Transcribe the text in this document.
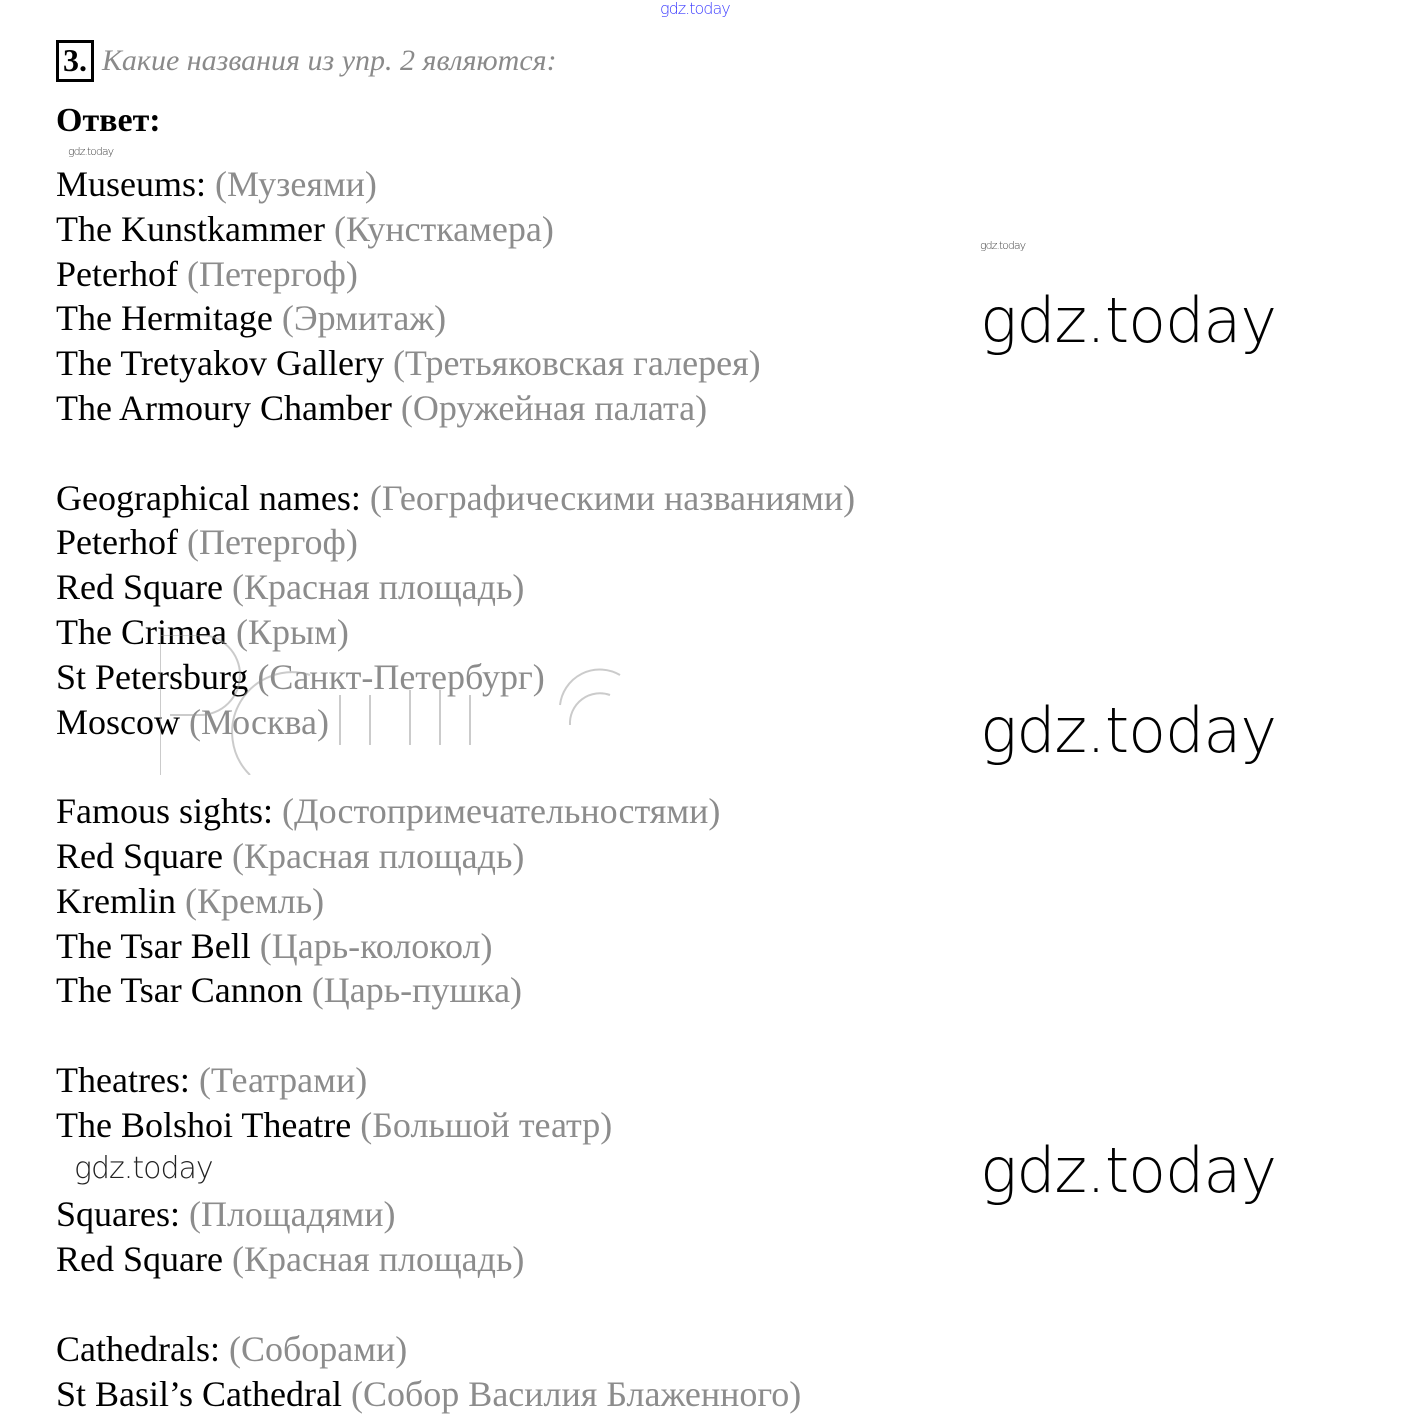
gdz.today
3. Какие названия из упр. 2 являются:
Ответ:
Museums: (Музеями)
The Kunstkammer (Кунсткамера)
Peterhof (Петергоф)
The Hermitage (Эрмитаж)
The Tretyakov Gallery (Третьяковская галерея)
The Armoury Chamber (Оружейная палата)
Geographical names: (Географическими названиями)
Peterhof (Петергоф)
Red Square (Красная площадь)
The Crimea (Крым)
St Petersburg (Санкт-Петербург)
Moscow (Москва)
Famous sights: (Достопримечательностями)
Red Square (Красная площадь)
Kremlin (Кремль)
The Tsar Bell (Царь-колокол)
The Tsar Cannon (Царь-пушка)
Theatres: (Театрами)
The Bolshoi Theatre (Большой театр)
Squares: (Площадями)
Red Square (Красная площадь)
Cathedrals: (Соборами)
St Basil’s Cathedral (Собор Василия Блаженного)
gdz.today
gdz.today
gdz.today
gdz.today
gdz.today
gdz.today
